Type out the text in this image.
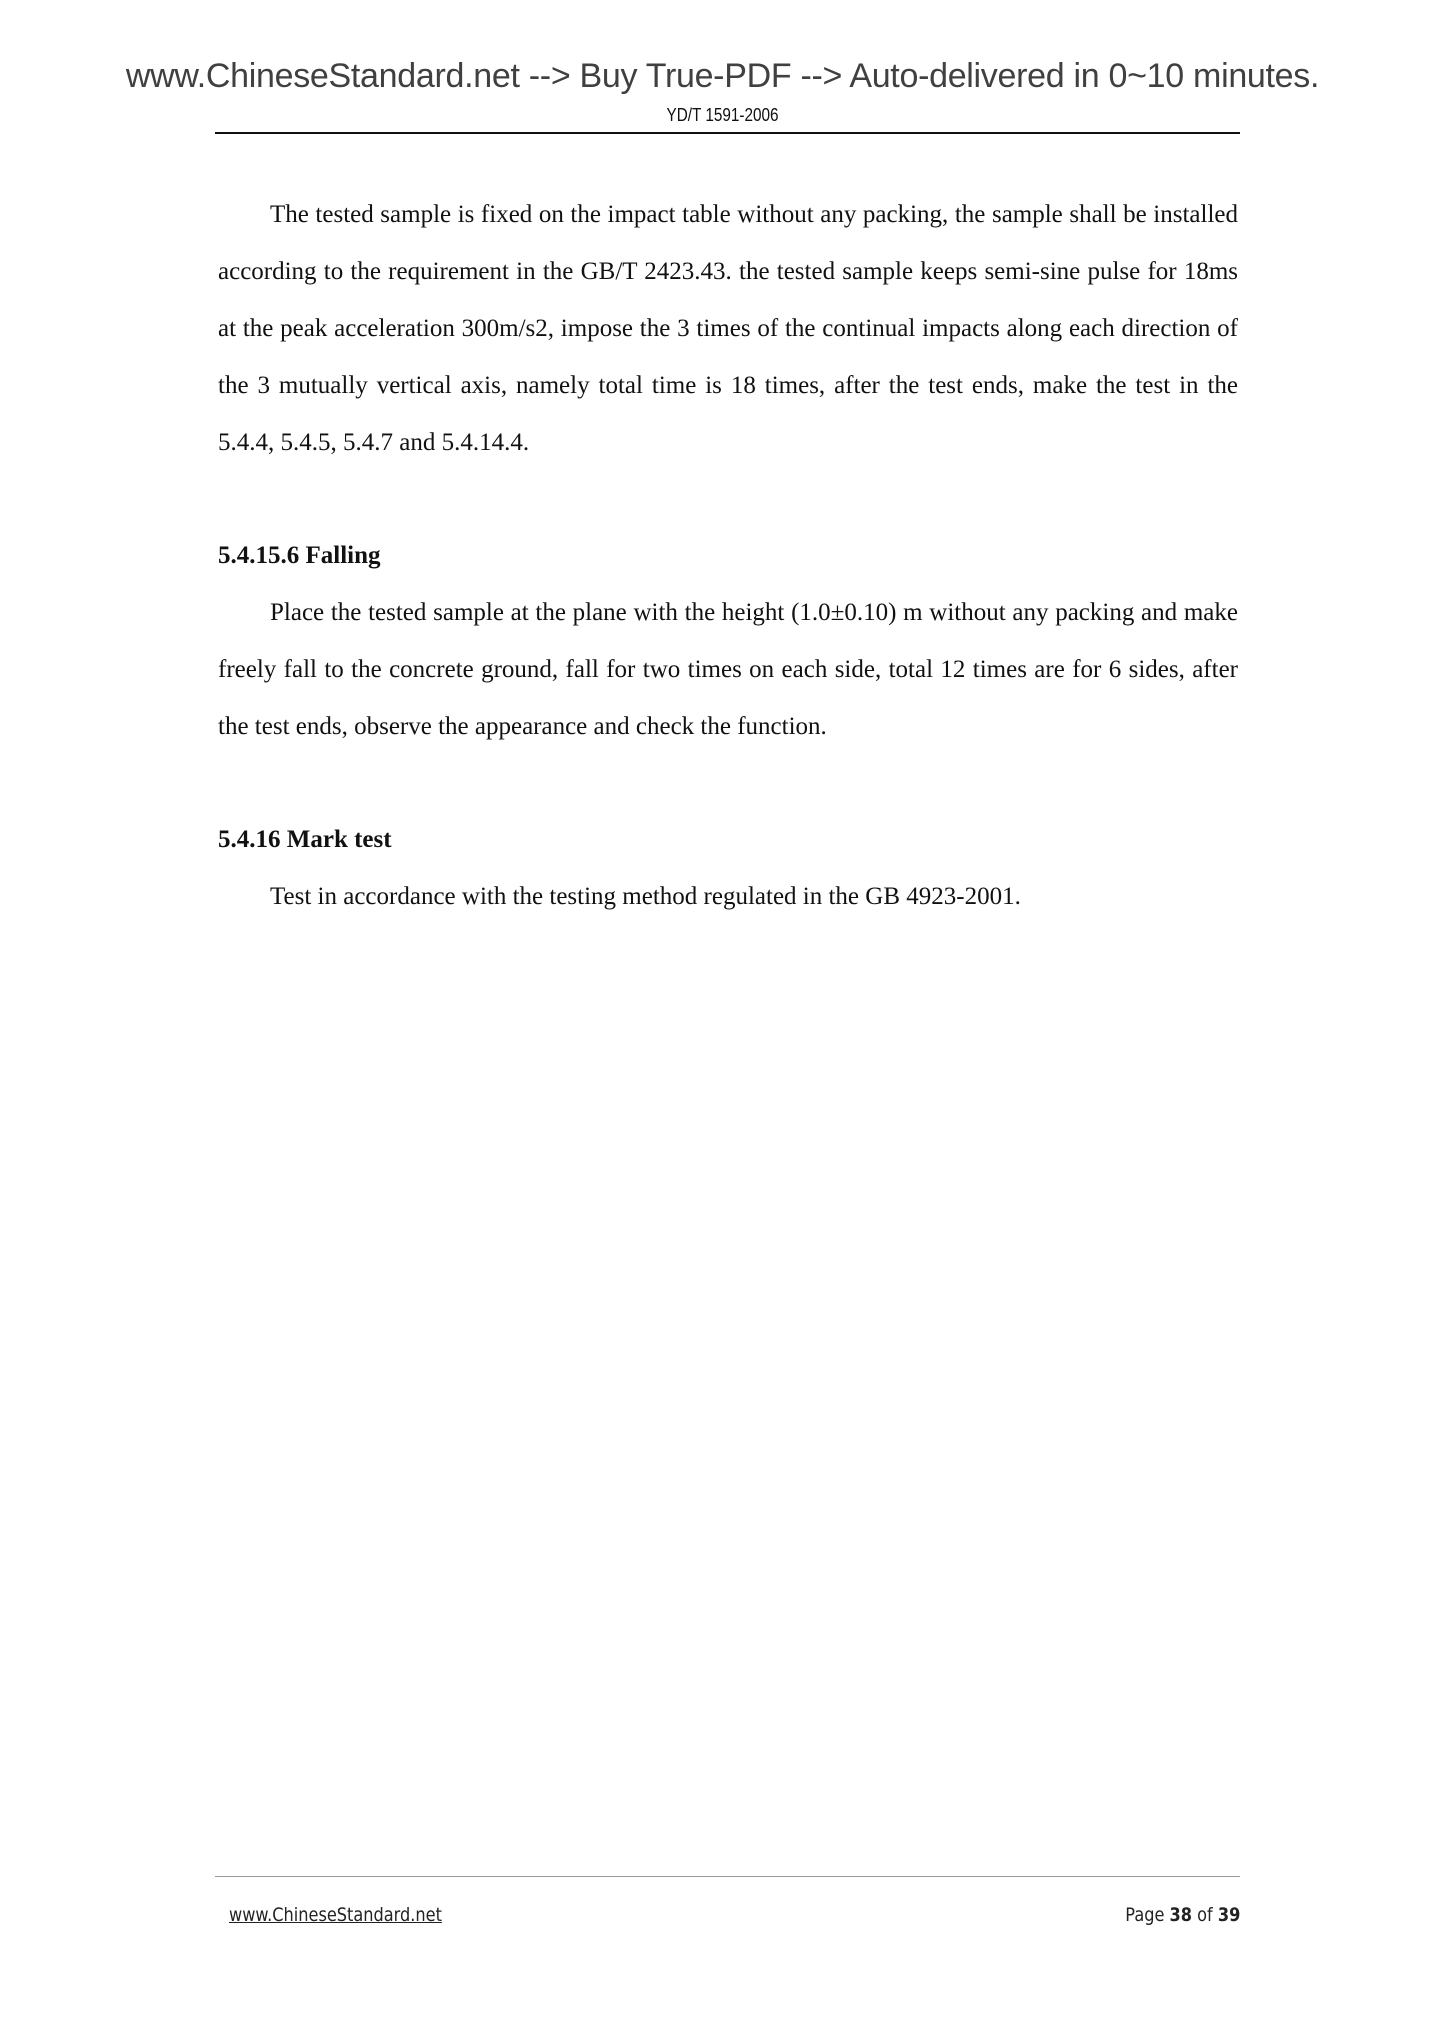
www.ChineseStandard.net --> Buy True-PDF --> Auto-delivered in 0~10 minutes.
YD/T 1591-2006

The tested sample is fixed on the impact table without any packing, the sample shall be installed according to the requirement in the GB/T 2423.43. the tested sample keeps semi-sine pulse for 18ms at the peak acceleration 300m/s2, impose the 3 times of the continual impacts along each direction of the 3 mutually vertical axis, namely total time is 18 times, after the test ends, make the test in the 5.4.4, 5.4.5, 5.4.7 and 5.4.14.4.

5.4.15.6 Falling

Place the tested sample at the plane with the height (1.0±0.10) m without any packing and make freely fall to the concrete ground, fall for two times on each side, total 12 times are for 6 sides, after the test ends, observe the appearance and check the function.

5.4.16 Mark test

Test in accordance with the testing method regulated in the GB 4923-2001.

www.ChineseStandard.net	Page 38 of 39
